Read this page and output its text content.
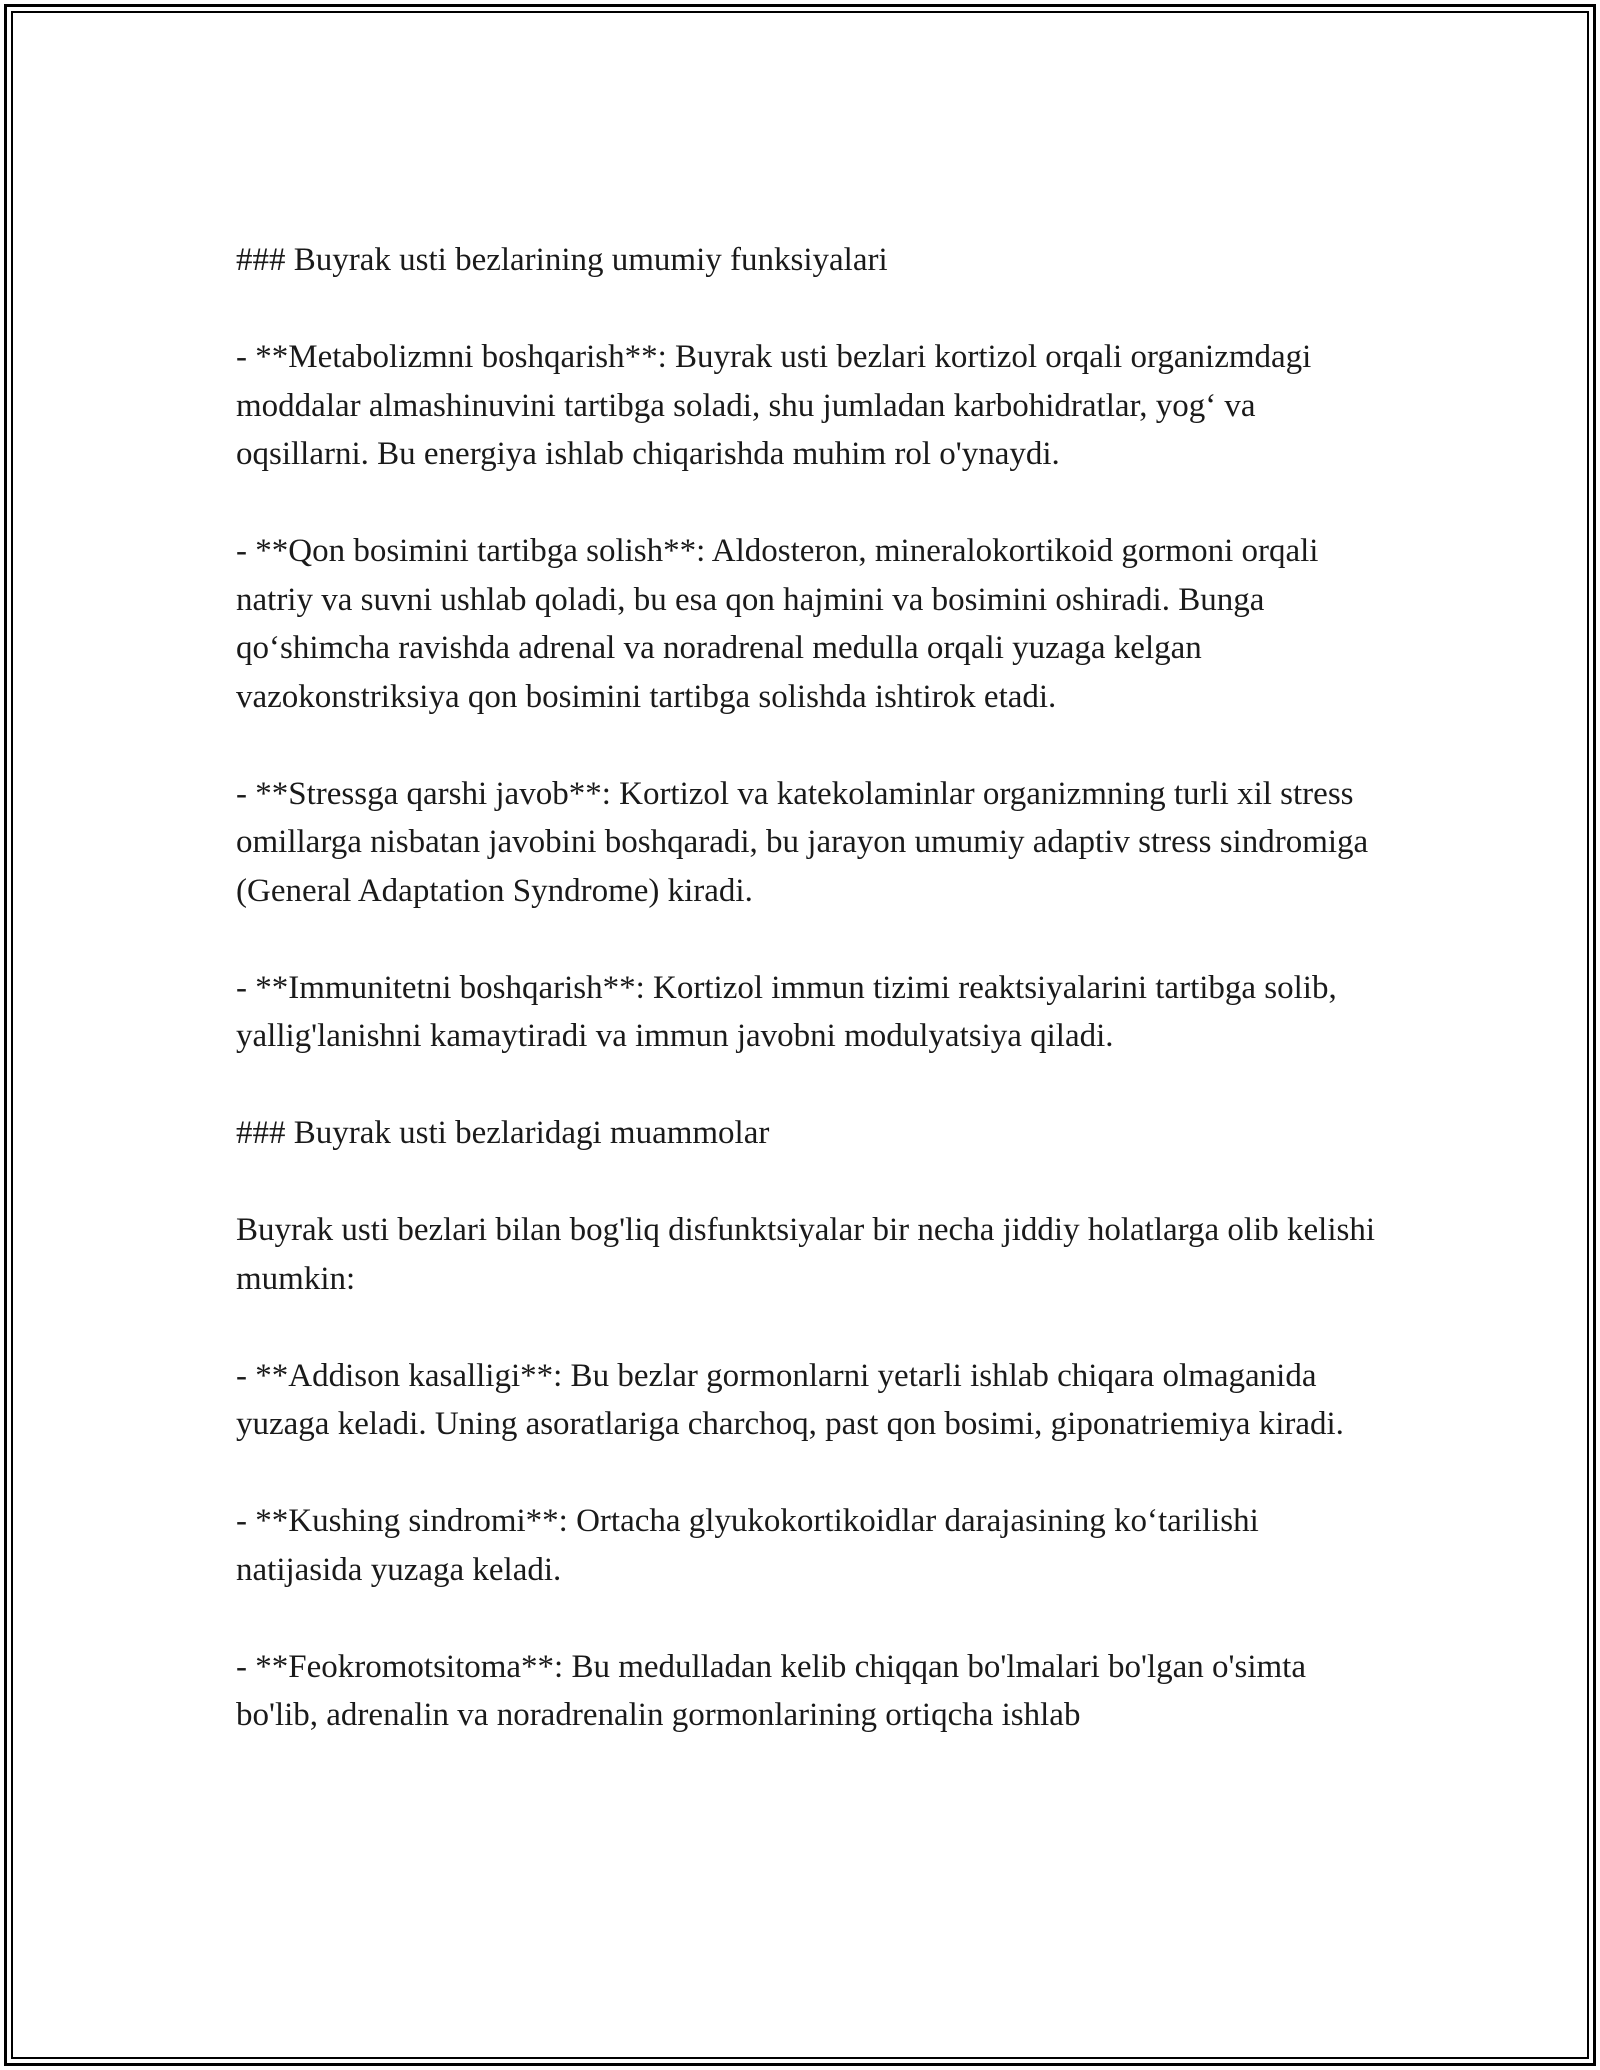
### Buyrak usti bezlarining umumiy funksiyalari
- **Metabolizmni boshqarish**: Buyrak usti bezlari kortizol orqali organizmdagi moddalar almashinuvini tartibga soladi, shu jumladan karbohidratlar, yog‘ va oqsillarni. Bu energiya ishlab chiqarishda muhim rol o'ynaydi.
- **Qon bosimini tartibga solish**: Aldosteron, mineralokortikoid gormoni orqali natriy va suvni ushlab qoladi, bu esa qon hajmini va bosimini oshiradi. Bunga qo‘shimcha ravishda adrenal va noradrenal medulla orqali yuzaga kelgan vazokonstriksiya qon bosimini tartibga solishda ishtirok etadi.
- **Stressga qarshi javob**: Kortizol va katekolaminlar organizmning turli xil stress omillarga nisbatan javobini boshqaradi, bu jarayon umumiy adaptiv stress sindromiga (General Adaptation Syndrome) kiradi.
- **Immunitetni boshqarish**: Kortizol immun tizimi reaktsiyalarini tartibga solib, yallig'lanishni kamaytiradi va immun javobni modulyatsiya qiladi.
### Buyrak usti bezlaridagi muammolar
Buyrak usti bezlari bilan bog'liq disfunktsiyalar bir necha jiddiy holatlarga olib kelishi mumkin:
- **Addison kasalligi**: Bu bezlar gormonlarni yetarli ishlab chiqara olmaganida yuzaga keladi. Uning asoratlariga charchoq, past qon bosimi, giponatriemiya kiradi.
- **Kushing sindromi**: Ortacha glyukokortikoidlar darajasining ko‘tarilishi natijasida yuzaga keladi.
- **Feokromotsitoma**: Bu medulladan kelib chiqqan bo'lmalari bo'lgan o'simta bo'lib, adrenalin va noradrenalin gormonlarining ortiqcha ishlab
